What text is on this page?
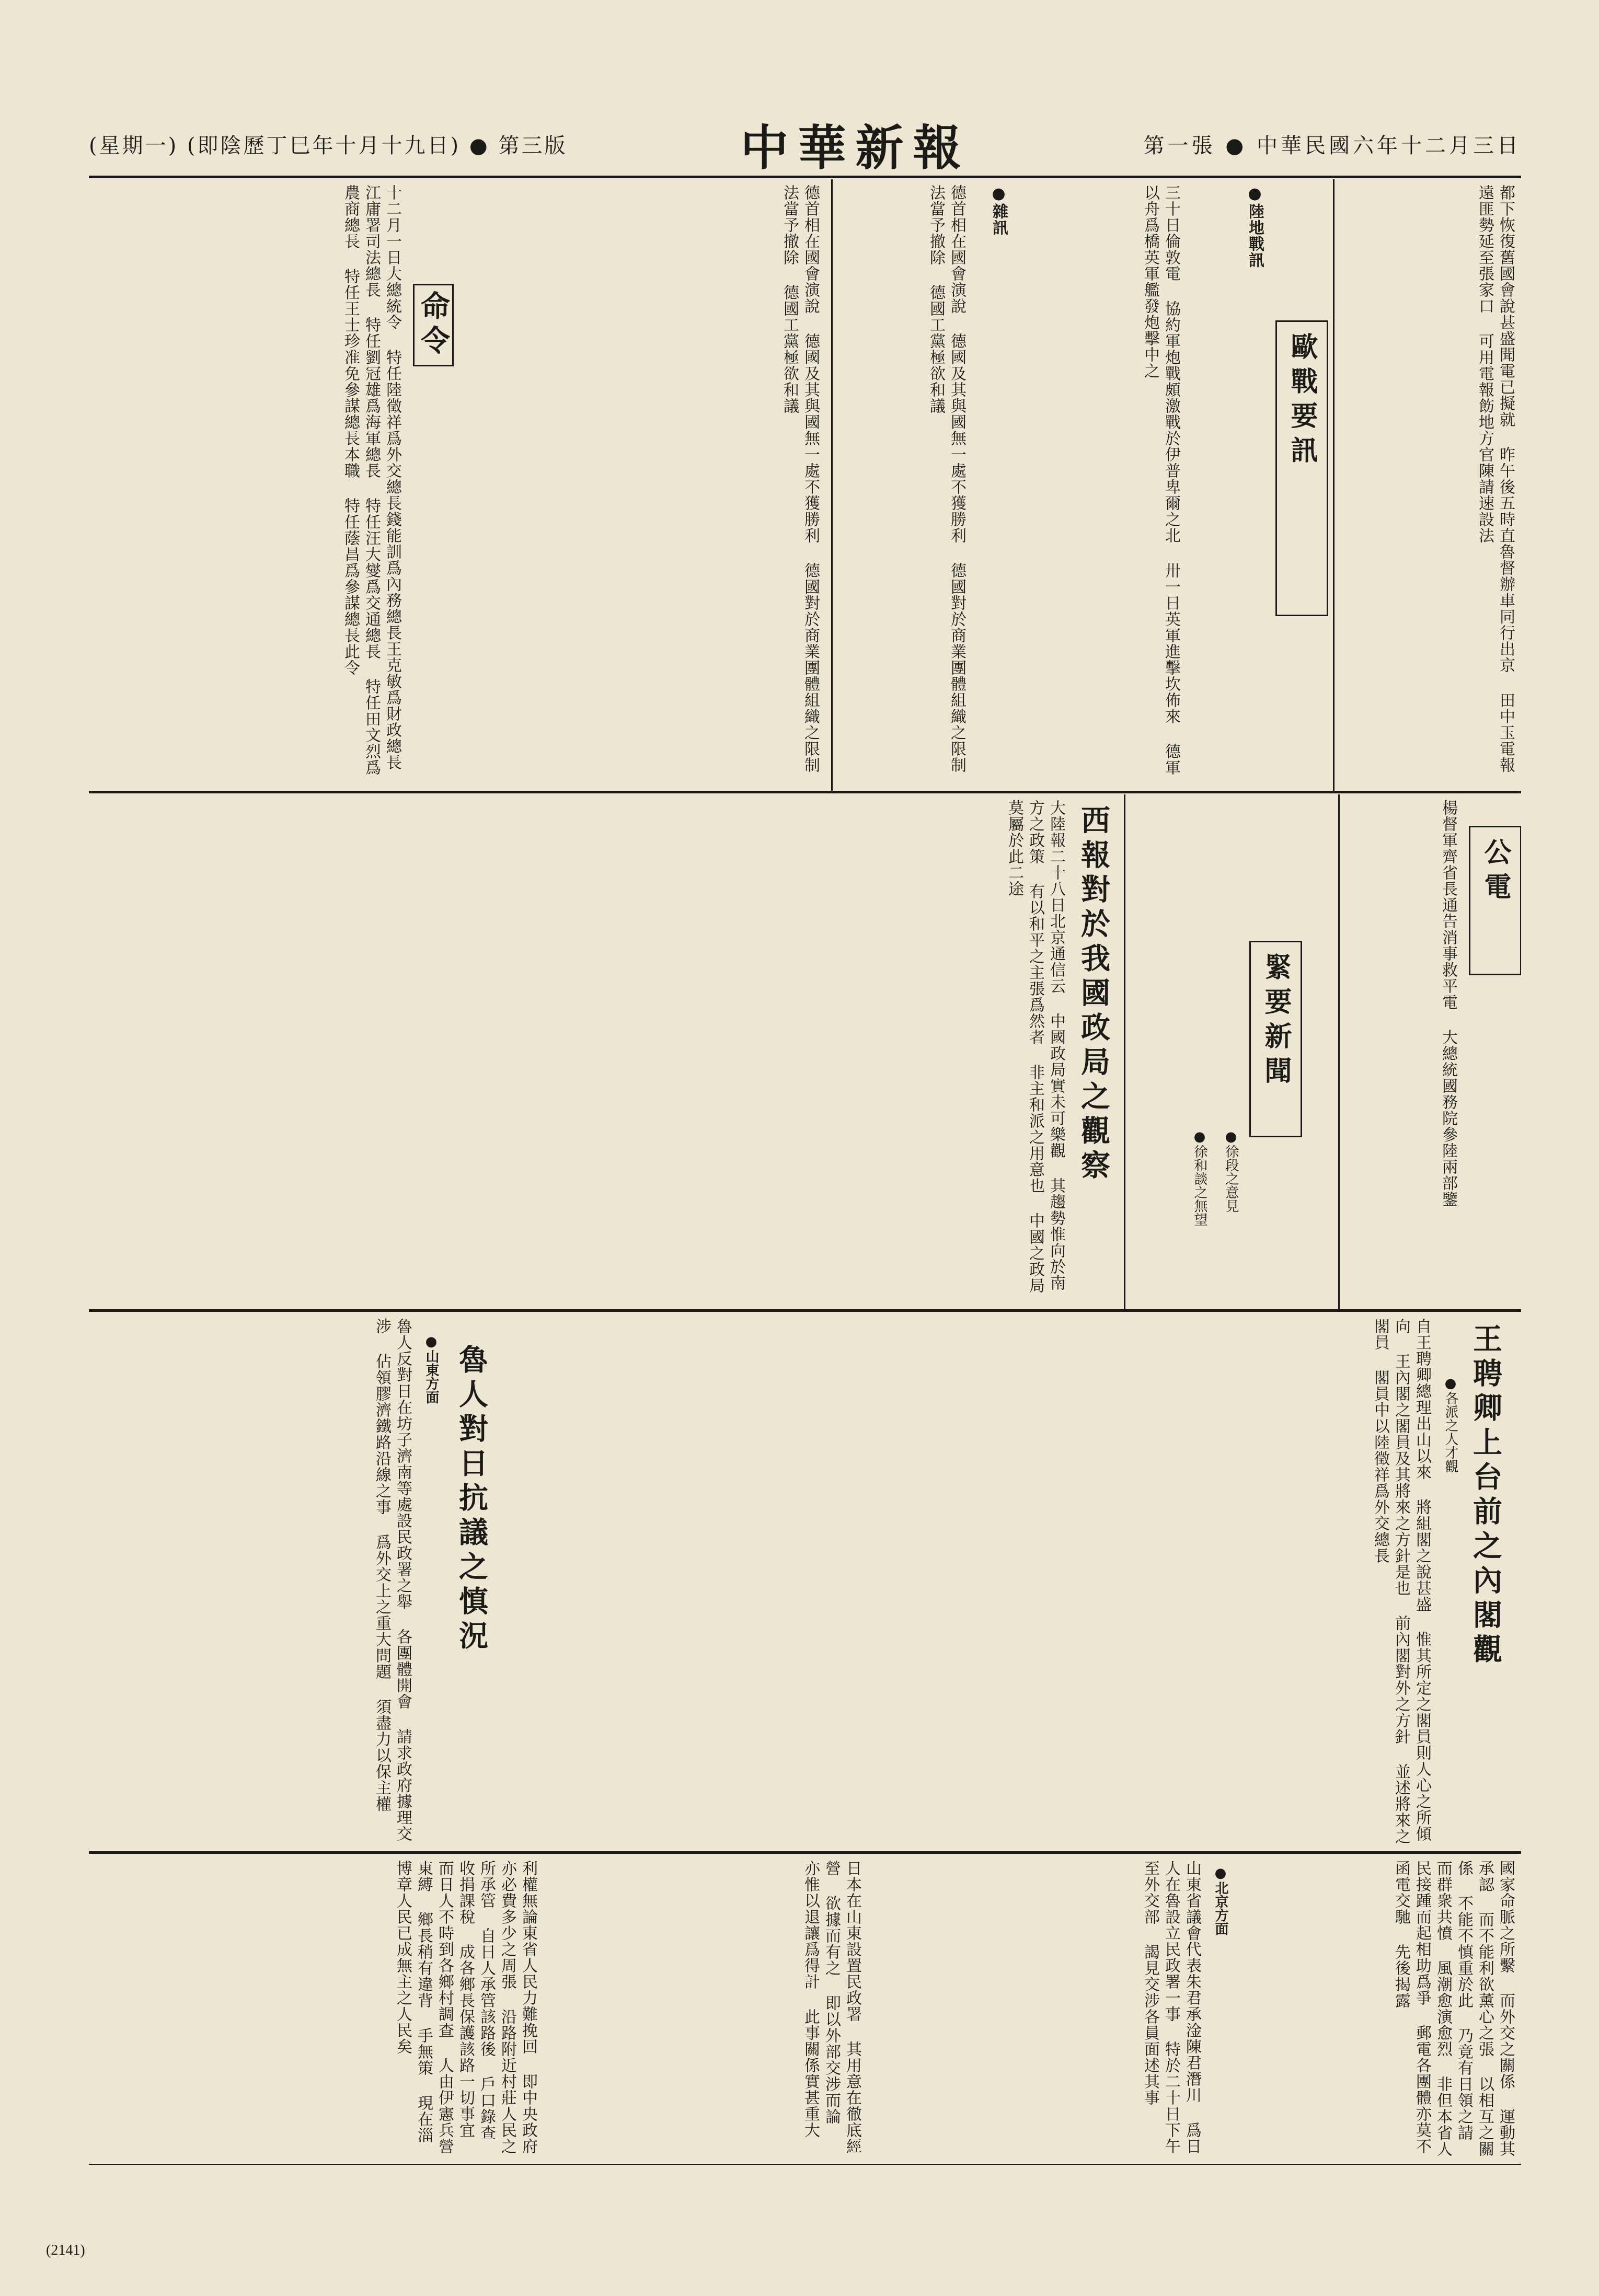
(星期一) (即陰歷丁巳年十月十九日) ● 第三版	中華新報	第一張 ● 中華民國六年十二月三日
都下恢復舊國會說甚盛聞電已擬就 昨午後五時直魯督辦車同行出京 田中玉電報遠匪勢延至張家口 可用電報飭地方官陳請速設法
歐戰要訊
●陸地戰訊
三十日倫敦電 協約軍炮戰頗激戰於伊普卑爾之北 卅一日英軍進擊坎佈來 德軍以舟爲橋英軍艦發炮擊中之
●雜訊
德首相在國會演說 德國及其與國無一處不獲勝利 德國對於商業團體組織之限制法當予撤除 德國工黨極欲和議
命令
十二月一日大總統令 特任陸徵祥爲外交總長錢能訓爲內務總長王克敏爲財政總長江庸署司法總長 特任劉冠雄爲海軍總長 特任汪大燮爲交通總長 特任田文烈爲農商總長 特任王士珍准免參謀總長本職 特任蔭昌爲參謀總長此令	德首相在國會演說 德國及其與國無一處不獲勝利 德國對於商業團體組織之限制法當予撤除 德國工黨極欲和議
公電
楊督軍齊省長通告消事救平電 大總統國務院參陸兩部鑒
緊要新聞
●徐段之意見
●徐和談之無望
西報對於我國政局之觀察
大陸報二十八日北京通信云 中國政局實未可樂觀 其趨勢惟向於南方之政策 有以和平之主張爲然者 非主和派之用意也 中國之政局莫屬於此二途
王聘卿上台前之內閣觀
●各派之人才觀
自王聘卿總理出山以來 將組閣之說甚盛 惟其所定之閣員則人心之所傾向 王內閣之閣員及其將來之方針是也 前內閣對外之方針 並述將來之閣員 閣員中以陸徵祥爲外交總長
魯人對日抗議之慎況
●山東方面
魯人反對日在坊子濟南等處設民政署之舉 各團體開會 請求政府據理交涉 佔領膠濟鐵路沿線之事 爲外交上之重大問題 須盡力以保主權
國家命脈之所繫 而外交之關係 運動其承認 而不能利欲薰心之張 以相互之關係 不能不慎重於此 乃竟有日領之請 而群衆共憤 風潮愈演愈烈 非但本省人民接踵而起相助爲爭 郵電各團體亦莫不函電交馳 先後揭露
●北京方面
山東省議會代表朱君承淦陳君潛川 爲日人在魯設立民政署一事 特於二十日下午至外交部 謁見交涉各員面述其事
日本在山東設置民政署 其用意在徹底經營 欲據而有之 即以外部交涉而論 亦惟以退讓爲得計 此事關係實甚重大
利權無論東省人民力難挽回 即中央政府亦必費多少之周張 沿路附近村莊人民之所承管 自日人承管該路後 戶口錄查 收捐課稅 成各鄉長保護該路一切事宜 而日人不時到各鄉村調查 人由伊憲兵營東縛 鄉長稍有違背 手無策 現在淄博章人民已成無主之人民矣
(2141)
